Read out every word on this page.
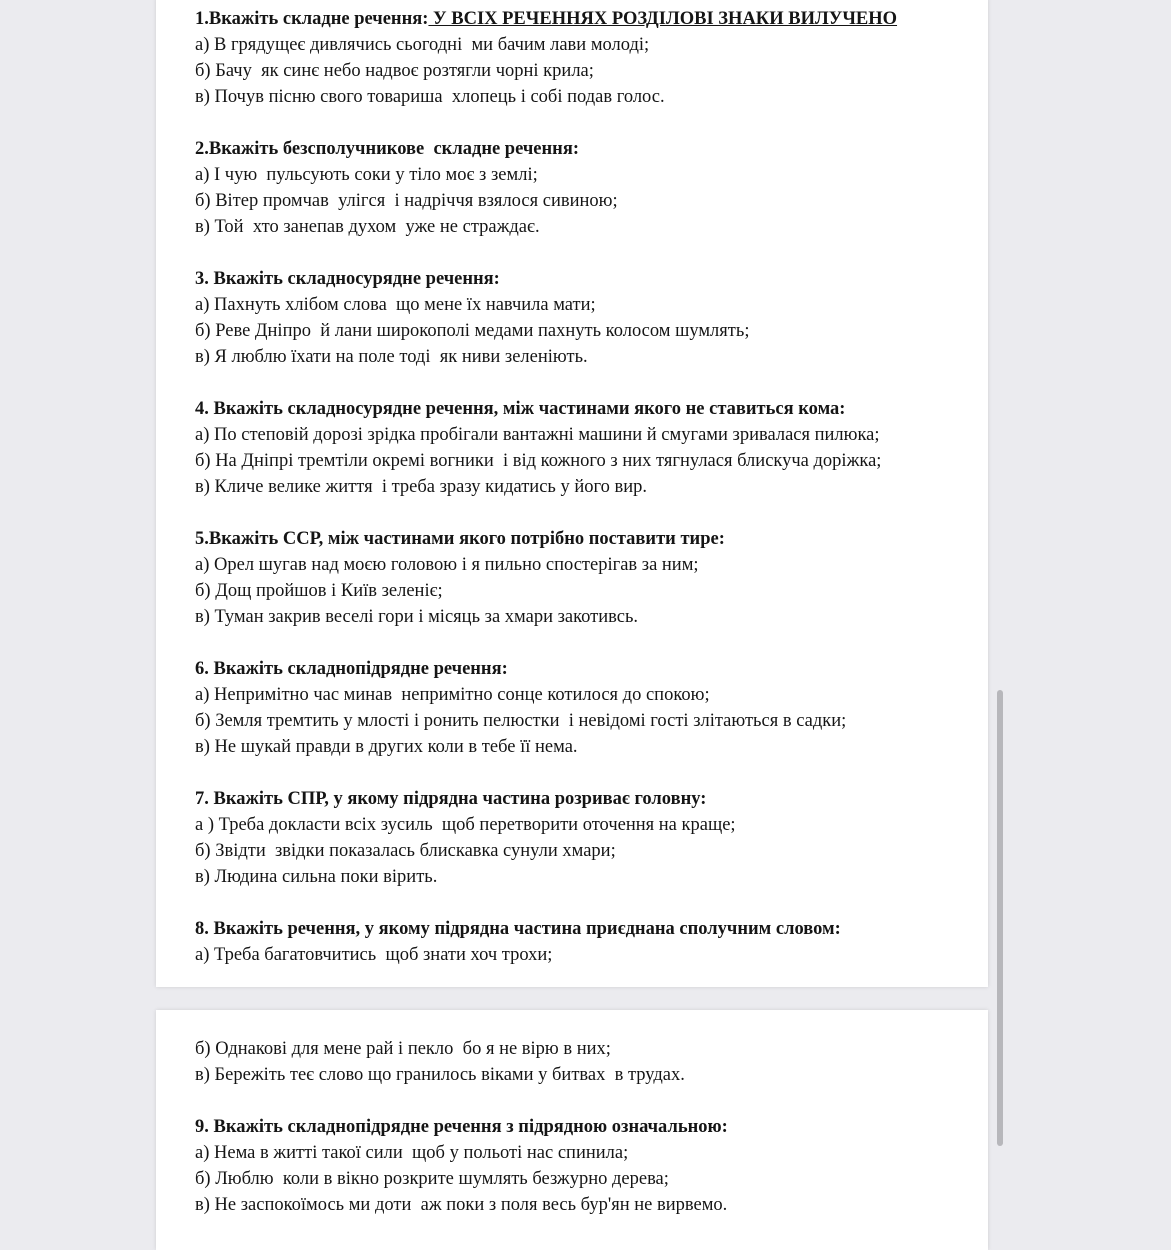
1.Вкажіть складне речення: У ВСІХ РЕЧЕННЯХ РОЗДІЛОВІ ЗНАКИ ВИЛУЧЕНО
а) В грядущеє дивлячись сьогодні  ми бачим лави молоді;
б) Бачу  як синє небо надвоє розтягли чорні крила;
в) Почув пісню свого товариша  хлопець і собі подав голос.
2.Вкажіть безсполучникове  складне речення:
а) І чую  пульсують соки у тіло моє з землі;
б) Вітер промчав  улігся  і надріччя взялося сивиною;
в) Той  хто занепав духом  уже не страждає.
3. Вкажіть складносурядне речення:
а) Пахнуть хлібом слова  що мене їх навчила мати;
б) Реве Дніпро  й лани широкополі медами пахнуть колосом шумлять;
в) Я люблю їхати на поле тоді  як ниви зеленіють.
4. Вкажіть складносурядне речення, між частинами якого не ставиться кома:
а) По степовій дорозі зрідка пробігали вантажні машини й смугами зривалася пилюка;
б) На Дніпрі тремтіли окремі вогники  і від кожного з них тягнулася блискуча доріжка;
в) Кличе велике життя  і треба зразу кидатись у його вир.
5.Вкажіть ССР, між частинами якого потрібно поставити тире:
а) Орел шугав над моєю головою і я пильно спостерігав за ним;
б) Дощ пройшов і Київ зеленіє;
в) Туман закрив веселі гори і місяць за хмари закотивсь.
6. Вкажіть складнопідрядне речення:
а) Непримітно час минав  непримітно сонце котилося до спокою;
б) Земля тремтить у млості і ронить пелюстки  і невідомі гості злітаються в садки;
в) Не шукай правди в других коли в тебе її нема.
7. Вкажіть СПР, у якому підрядна частина розриває головну:
а ) Треба докласти всіх зусиль  щоб перетворити оточення на краще;
б) Звідти  звідки показалась блискавка сунули хмари;
в) Людина сильна поки вірить.
8. Вкажіть речення, у якому підрядна частина приєднана сполучним словом:
а) Треба багатовчитись  щоб знати хоч трохи;
б) Однакові для мене рай і пекло  бо я не вірю в них;
в) Бережіть теє слово що гранилось віками у битвах  в трудах.
9. Вкажіть складнопідрядне речення з підрядною означальною:
а) Нема в житті такої сили  щоб у польоті нас спинила;
б) Люблю  коли в вікно розкрите шумлять безжурно дерева;
в) Не заспокоїмось ми доти  аж поки з поля весь бур'ян не вирвемо.
